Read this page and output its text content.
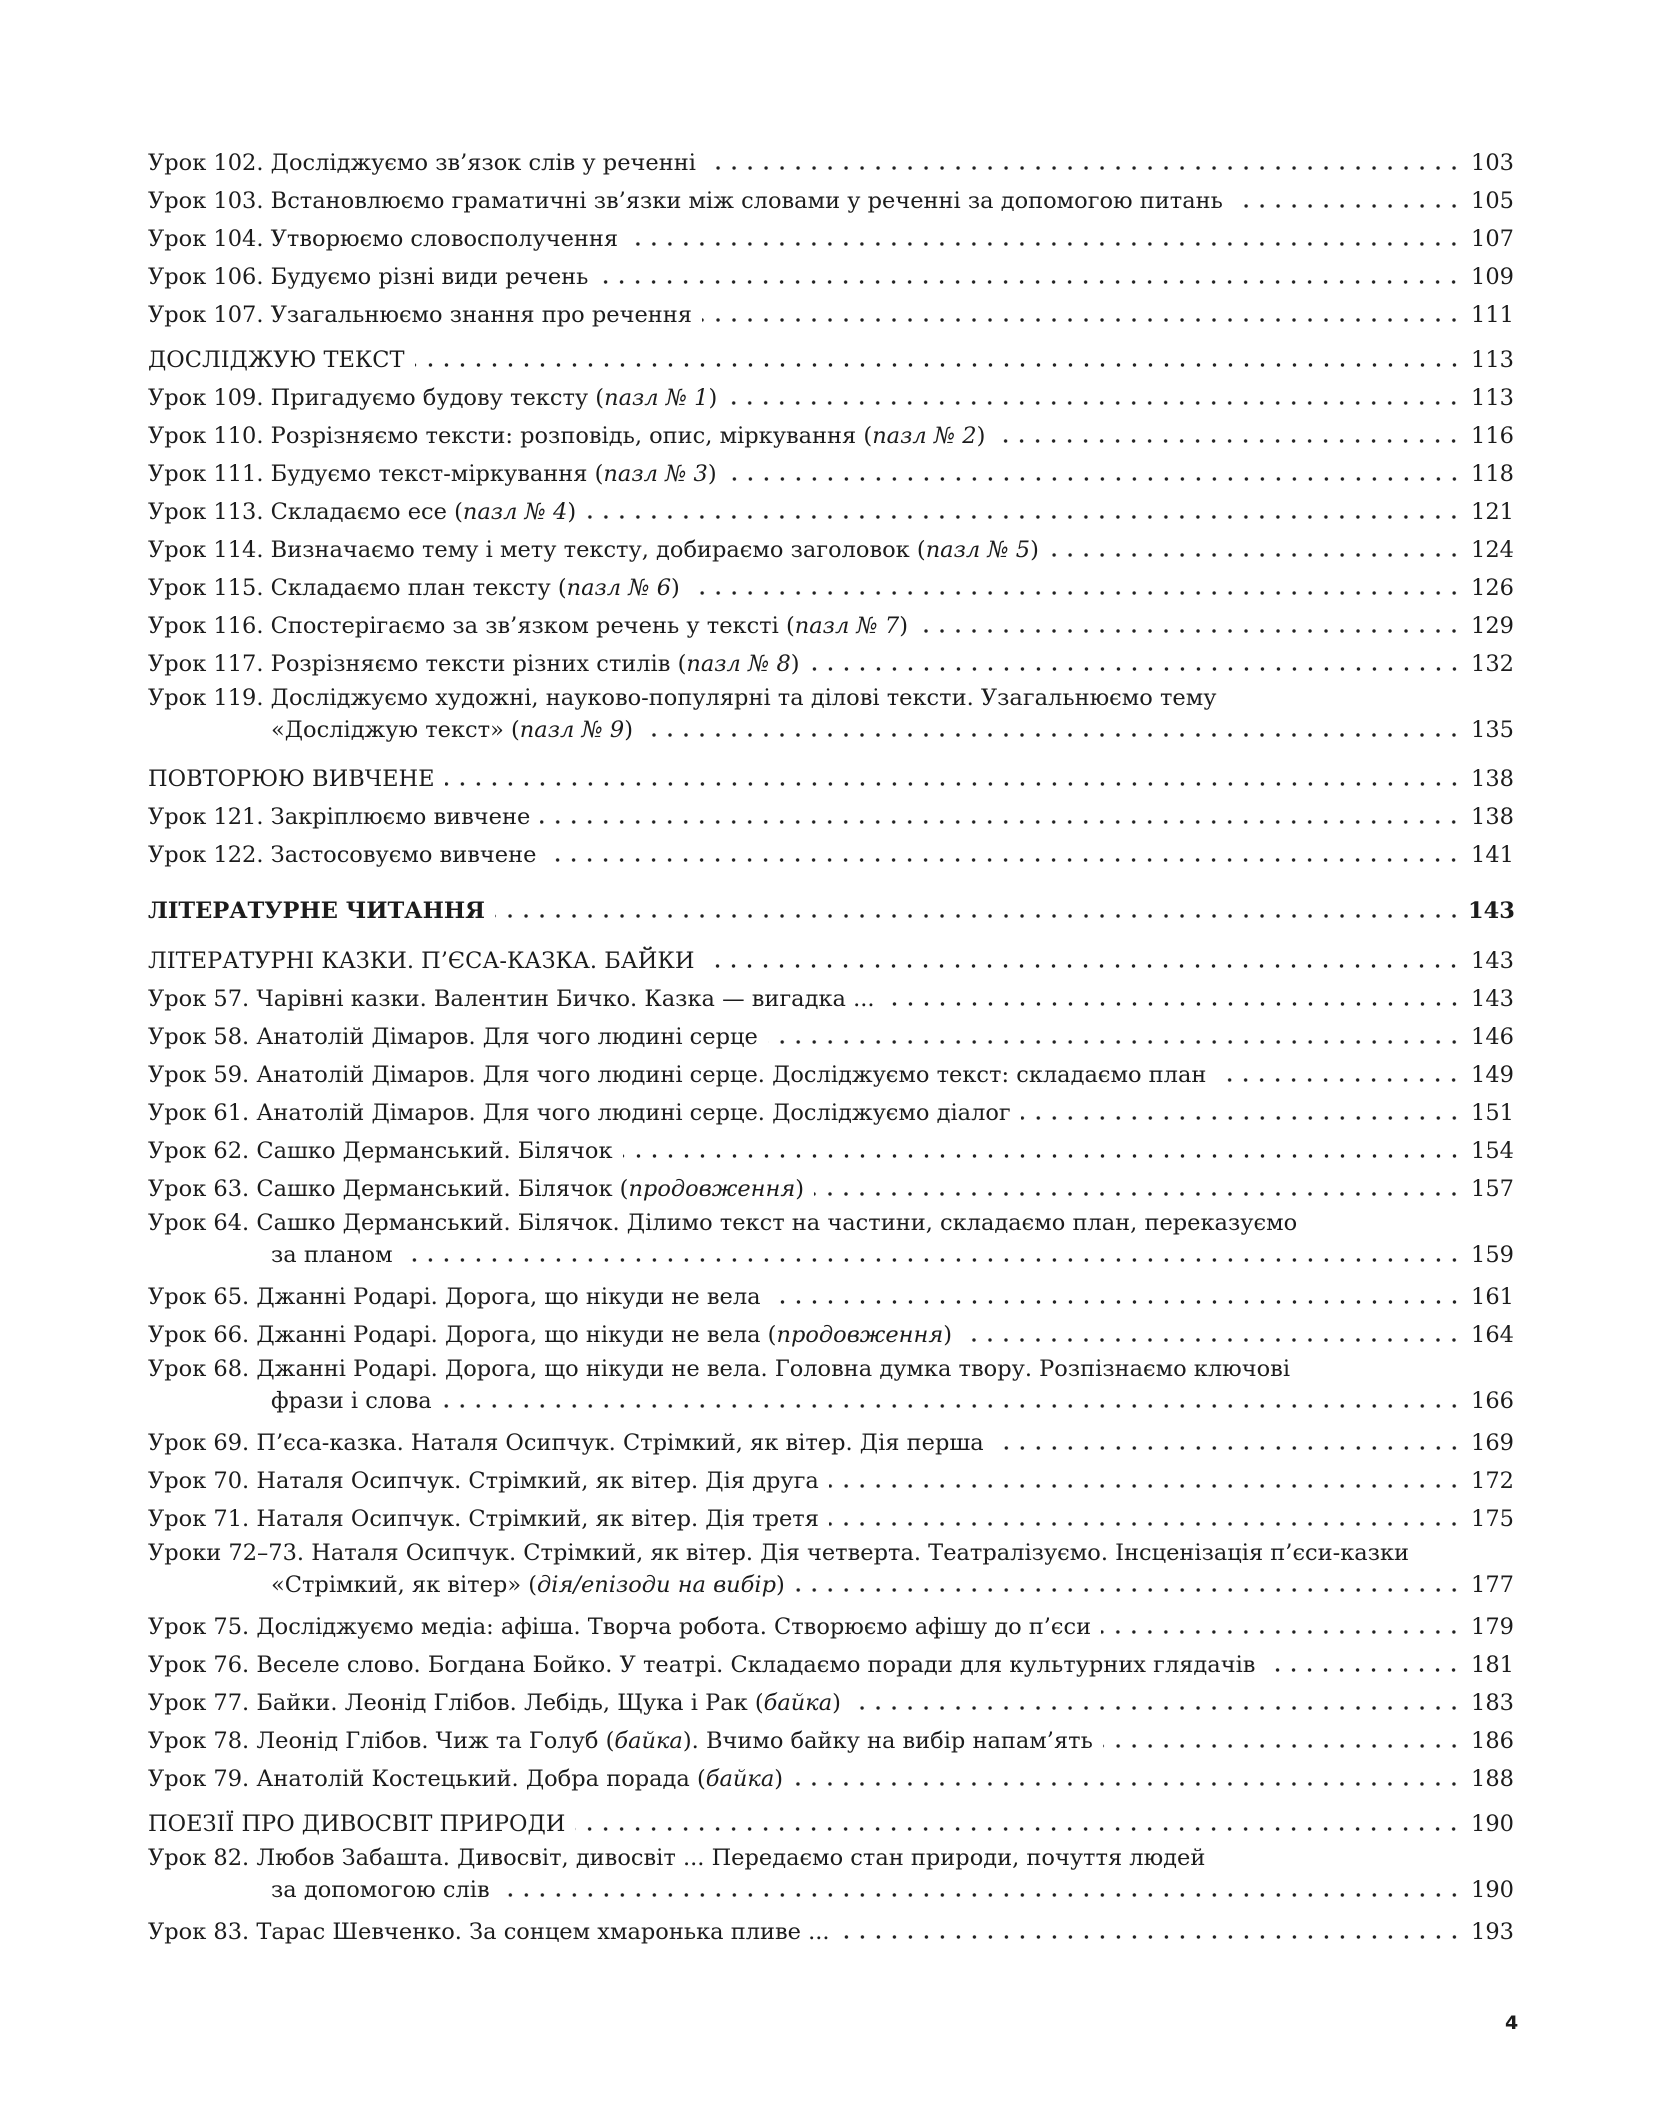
Урок 102. Досліджуємо зв’язок слів у реченні	103
Урок 103. Встановлюємо граматичні зв’язки між словами у реченні за допомогою питань	105
Урок 104. Утворюємо словосполучення	107
Урок 106. Будуємо різні види речень	109
Урок 107. Узагальнюємо знання про речення	111
ДОСЛІДЖУЮ ТЕКСТ	113
Урок 109. Пригадуємо будову тексту (пазл № 1)	113
Урок 110. Розрізняємо тексти: розповідь, опис, міркування (пазл № 2)	116
Урок 111. Будуємо текст-міркування (пазл № 3)	118
Урок 113. Складаємо есе (пазл № 4)	121
Урок 114. Визначаємо тему і мету тексту, добираємо заголовок (пазл № 5)	124
Урок 115. Складаємо план тексту (пазл № 6)	126
Урок 116. Спостерігаємо за зв’язком речень у тексті (пазл № 7)	129
Урок 117. Розрізняємо тексти різних стилів (пазл № 8)	132
Урок 119. Досліджуємо художні, науково-популярні та ділові тексти. Узагальнюємо тему
«Досліджую текст» (пазл № 9)	135
ПОВТОРЮЮ ВИВЧЕНЕ	138
Урок 121. Закріплюємо вивчене	138
Урок 122. Застосовуємо вивчене	141
ЛІТЕРАТУРНЕ ЧИТАННЯ	143
ЛІТЕРАТУРНІ КАЗКИ. П’ЄСА-КАЗКА. БАЙКИ	143
Урок 57. Чарівні казки. Валентин Бичко. Казка — вигадка ...	143
Урок 58. Анатолій Дімаров. Для чого людині серце	146
Урок 59. Анатолій Дімаров. Для чого людині серце. Досліджуємо текст: складаємо план	149
Урок 61. Анатолій Дімаров. Для чого людині серце. Досліджуємо діалог	151
Урок 62. Сашко Дерманський. Білячок	154
Урок 63. Сашко Дерманський. Білячок (продовження)	157
Урок 64. Сашко Дерманський. Білячок. Ділимо текст на частини, складаємо план, переказуємо
за планом	159
Урок 65. Джанні Родарі. Дорога, що нікуди не вела	161
Урок 66. Джанні Родарі. Дорога, що нікуди не вела (продовження)	164
Урок 68. Джанні Родарі. Дорога, що нікуди не вела. Головна думка твору. Розпізнаємо ключові
фрази і слова	166
Урок 69. П’єса-казка. Наталя Осипчук. Стрімкий, як вітер. Дія перша	169
Урок 70. Наталя Осипчук. Стрімкий, як вітер. Дія друга	172
Урок 71. Наталя Осипчук. Стрімкий, як вітер. Дія третя	175
Уроки 72–73. Наталя Осипчук. Стрімкий, як вітер. Дія четверта. Театралізуємо. Інсценізація п’єси-казки
«Стрімкий, як вітер» (дія/епізоди на вибір)	177
Урок 75. Досліджуємо медіа: афіша. Творча робота. Створюємо афішу до п’єси	179
Урок 76. Веселе слово. Богдана Бойко. У театрі. Складаємо поради для культурних глядачів	181
Урок 77. Байки. Леонід Глібов. Лебідь, Щука і Рак (байка)	183
Урок 78. Леонід Глібов. Чиж та Голуб (байка). Вчимо байку на вибір напам’ять	186
Урок 79. Анатолій Костецький. Добра порада (байка)	188
ПОЕЗІЇ ПРО ДИВОСВІТ ПРИРОДИ	190
Урок 82. Любов Забашта. Дивосвіт, дивосвіт ... Передаємо стан природи, почуття людей
за допомогою слів	190
Урок 83. Тарас Шевченко. За сонцем хмаронька пливе ...	193
4
